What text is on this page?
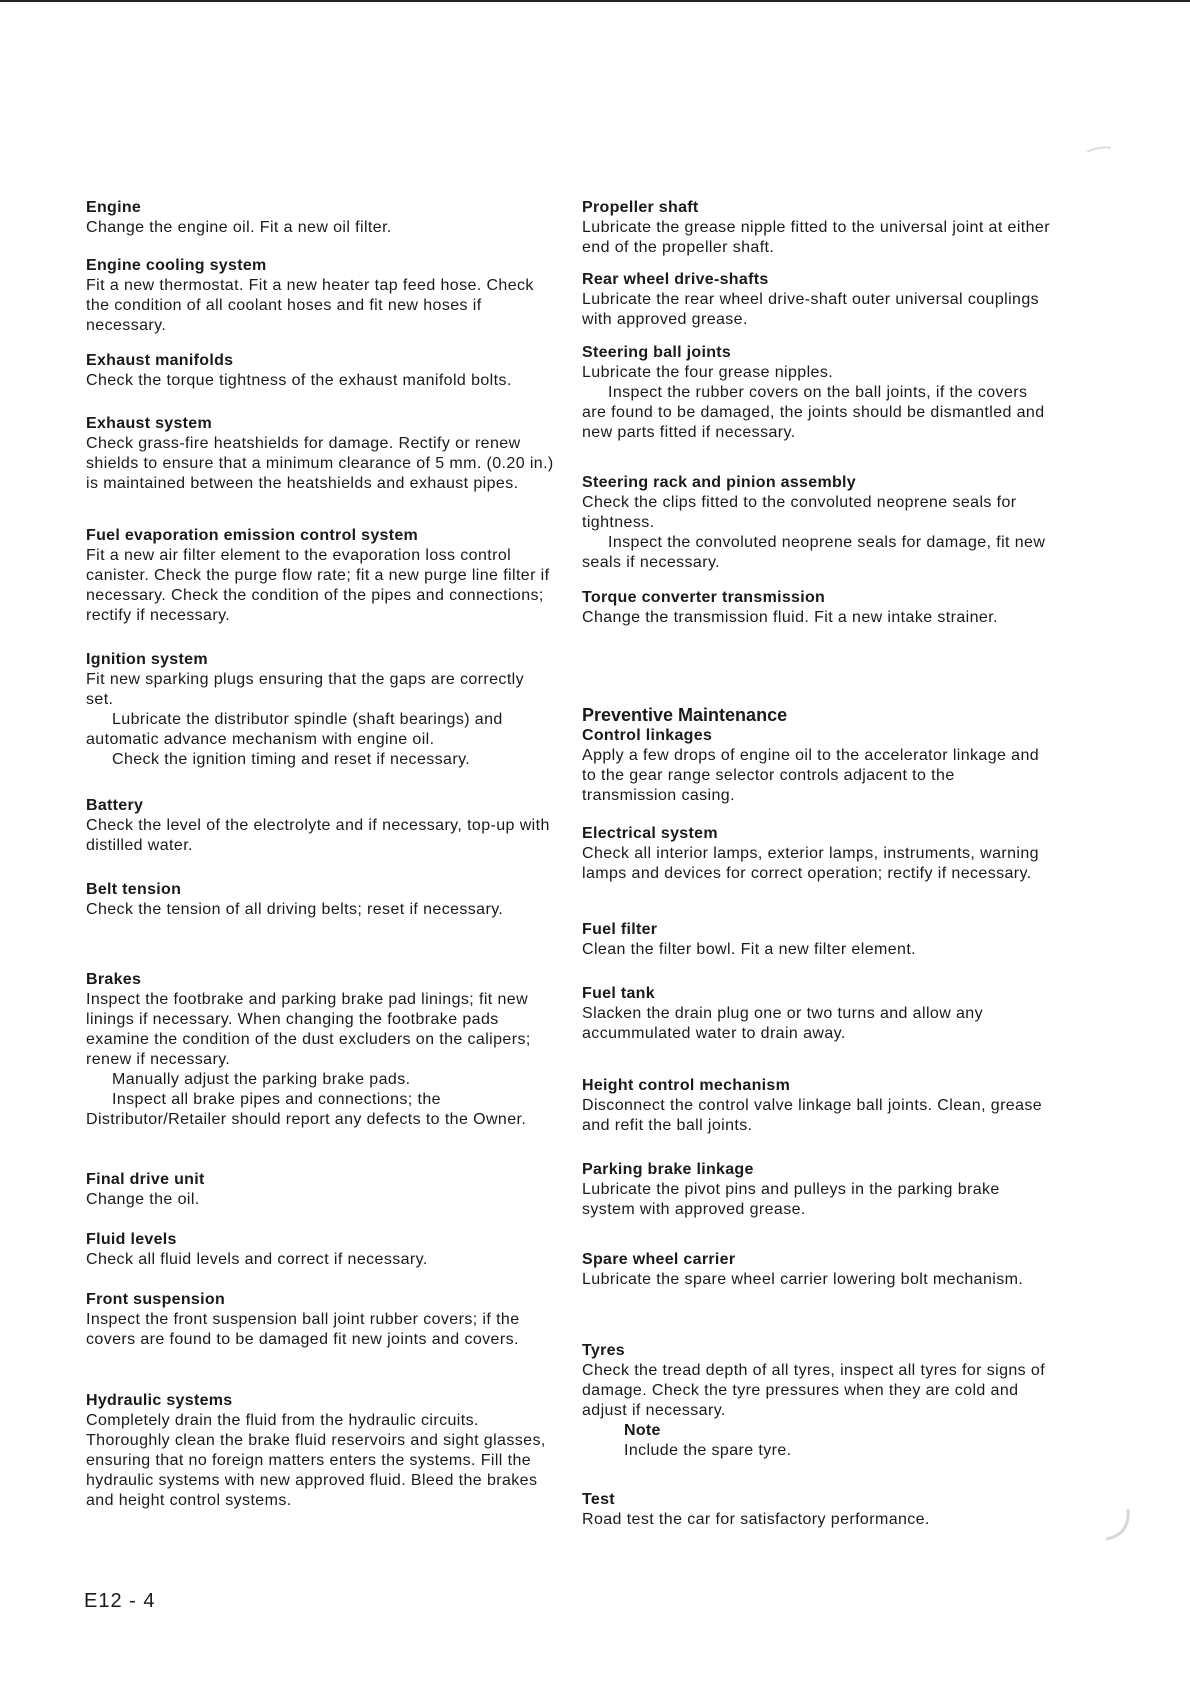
Engine

Change the engine oil. Fit a new oil filter.

Engine cooling system

Fit a new thermostat. Fit a new heater tap feed hose. Check the condition of all coolant hoses and fit new hoses if necessary.

Exhaust manifolds

Check the torque tightness of the exhaust manifold bolts.

Exhaust system

Check grass-fire heatshields for damage. Rectify or renew shields to ensure that a minimum clearance of 5 mm. (0.20 in.) is maintained between the heatshields and exhaust pipes.

Fuel evaporation emission control system

Fit a new air filter element to the evaporation loss control canister. Check the purge flow rate; fit a new purge line filter if necessary. Check the condition of the pipes and connections; rectify if necessary.

Ignition system

Fit new sparking plugs ensuring that the gaps are correctly set.

Lubricate the distributor spindle (shaft bearings) and automatic advance mechanism with engine oil.

Check the ignition timing and reset if necessary.

Battery

Check the level of the electrolyte and if necessary, top-up with distilled water.

Belt tension

Check the tension of all driving belts; reset if necessary.

Brakes

Inspect the footbrake and parking brake pad linings; fit new linings if necessary. When changing the footbrake pads examine the condition of the dust excluders on the calipers; renew if necessary.

Manually adjust the parking brake pads.

Inspect all brake pipes and connections; the Distributor/Retailer should report any defects to the Owner.

Final drive unit

Change the oil.

Fluid levels

Check all fluid levels and correct if necessary.

Front suspension

Inspect the front suspension ball joint rubber covers; if the covers are found to be damaged fit new joints and covers.

Hydraulic systems

Completely drain the fluid from the hydraulic circuits. Thoroughly clean the brake fluid reservoirs and sight glasses, ensuring that no foreign matters enters the systems. Fill the hydraulic systems with new approved fluid. Bleed the brakes and height control systems.

Propeller shaft

Lubricate the grease nipple fitted to the universal joint at either end of the propeller shaft.

Rear wheel drive-shafts

Lubricate the rear wheel drive-shaft outer universal couplings with approved grease.

Steering ball joints

Lubricate the four grease nipples.

Inspect the rubber covers on the ball joints, if the covers are found to be damaged, the joints should be dismantled and new parts fitted if necessary.

Steering rack and pinion assembly

Check the clips fitted to the convoluted neoprene seals for tightness.

Inspect the convoluted neoprene seals for damage, fit new seals if necessary.

Torque converter transmission

Change the transmission fluid. Fit a new intake strainer.

Preventive Maintenance
Control linkages

Apply a few drops of engine oil to the accelerator linkage and to the gear range selector controls adjacent to the transmission casing.

Electrical system

Check all interior lamps, exterior lamps, instruments, warning lamps and devices for correct operation; rectify if necessary.

Fuel filter

Clean the filter bowl. Fit a new filter element.

Fuel tank

Slacken the drain plug one or two turns and allow any accummulated water to drain away.

Height control mechanism

Disconnect the control valve linkage ball joints. Clean, grease and refit the ball joints.

Parking brake linkage

Lubricate the pivot pins and pulleys in the parking brake system with approved grease.

Spare wheel carrier

Lubricate the spare wheel carrier lowering bolt mechanism.

Tyres

Check the tread depth of all tyres, inspect all tyres for signs of damage. Check the tyre pressures when they are cold and adjust if necessary.

Note

Include the spare tyre.

Test

Road test the car for satisfactory performance.

E12 - 4
